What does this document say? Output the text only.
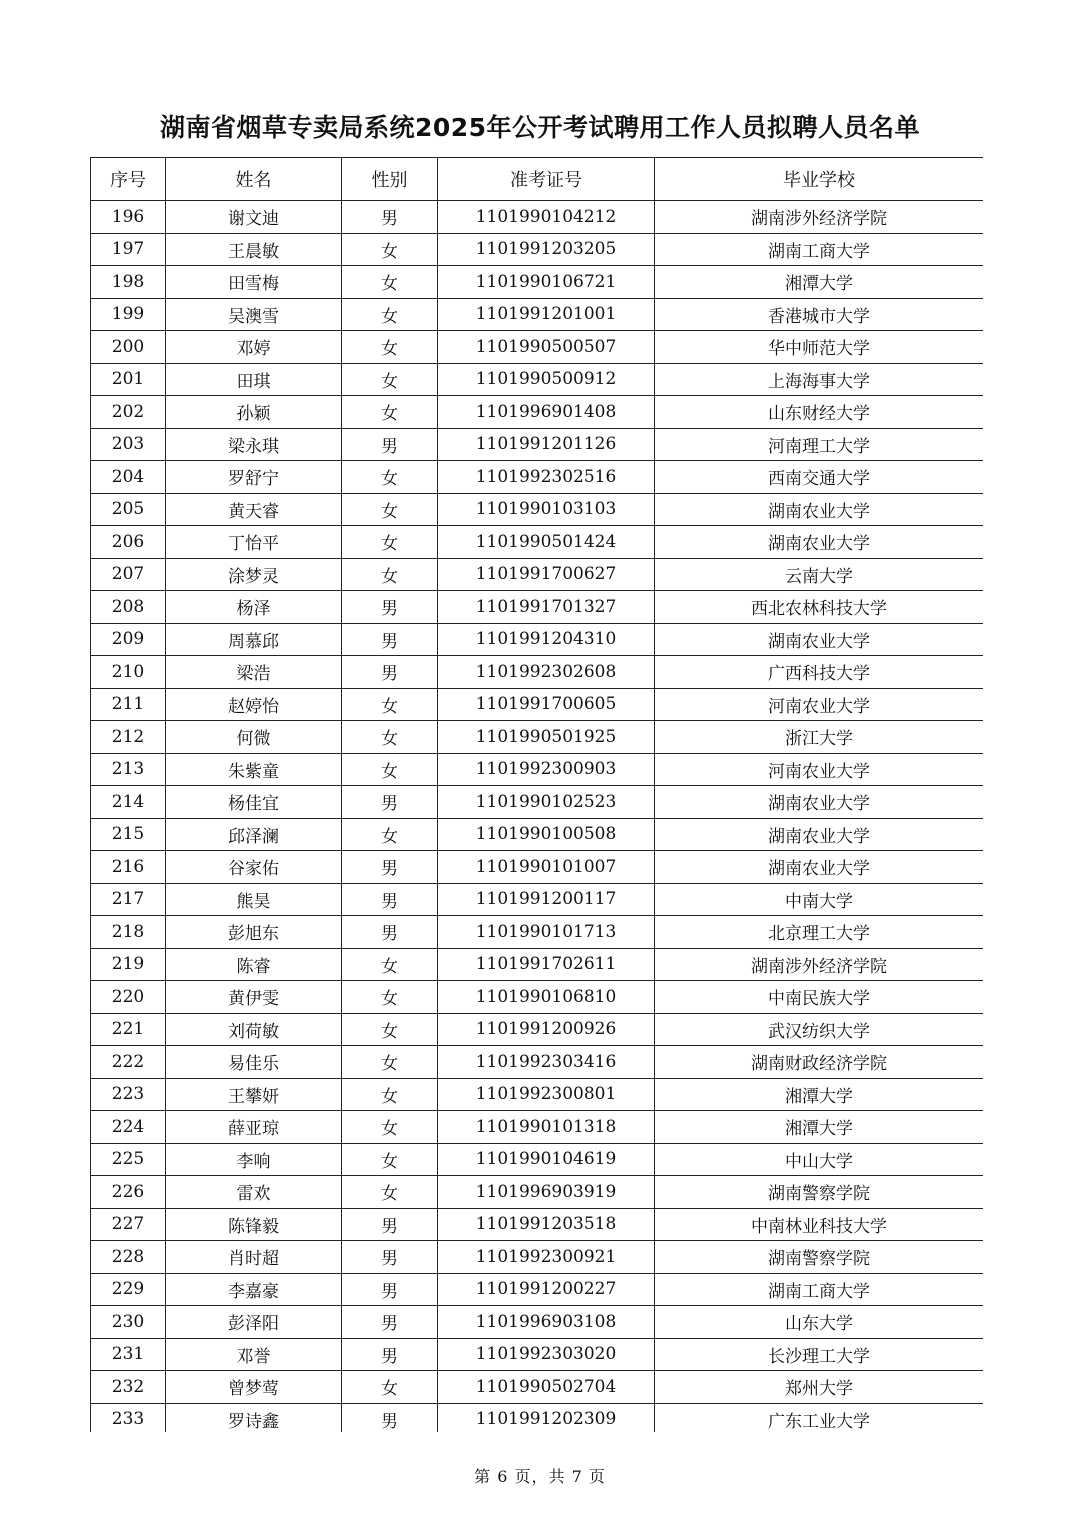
湖南省烟草专卖局系统2025年公开考试聘用工作人员拟聘人员名单
序号	姓名	性别	准考证号	毕业学校
196	谢文迪	男	1101990104212	湖南涉外经济学院
197	王晨敏	女	1101991203205	湖南工商大学
198	田雪梅	女	1101990106721	湘潭大学
199	吴澳雪	女	1101991201001	香港城市大学
200	邓婷	女	1101990500507	华中师范大学
201	田琪	女	1101990500912	上海海事大学
202	孙颖	女	1101996901408	山东财经大学
203	梁永琪	男	1101991201126	河南理工大学
204	罗舒宁	女	1101992302516	西南交通大学
205	黄天睿	女	1101990103103	湖南农业大学
206	丁怡平	女	1101990501424	湖南农业大学
207	涂梦灵	女	1101991700627	云南大学
208	杨泽	男	1101991701327	西北农林科技大学
209	周慕邱	男	1101991204310	湖南农业大学
210	梁浩	男	1101992302608	广西科技大学
211	赵婷怡	女	1101991700605	河南农业大学
212	何微	女	1101990501925	浙江大学
213	朱紫童	女	1101992300903	河南农业大学
214	杨佳宜	男	1101990102523	湖南农业大学
215	邱泽澜	女	1101990100508	湖南农业大学
216	谷家佑	男	1101990101007	湖南农业大学
217	熊昊	男	1101991200117	中南大学
218	彭旭东	男	1101990101713	北京理工大学
219	陈睿	女	1101991702611	湖南涉外经济学院
220	黄伊雯	女	1101990106810	中南民族大学
221	刘荷敏	女	1101991200926	武汉纺织大学
222	易佳乐	女	1101992303416	湖南财政经济学院
223	王攀妍	女	1101992300801	湘潭大学
224	薛亚琼	女	1101990101318	湘潭大学
225	李响	女	1101990104619	中山大学
226	雷欢	女	1101996903919	湖南警察学院
227	陈锋毅	男	1101991203518	中南林业科技大学
228	肖时超	男	1101992300921	湖南警察学院
229	李嘉豪	男	1101991200227	湖南工商大学
230	彭泽阳	男	1101996903108	山东大学
231	邓誉	男	1101992303020	长沙理工大学
232	曾梦莺	女	1101990502704	郑州大学
233	罗诗鑫	男	1101991202309	广东工业大学
第 6 页，共 7 页
